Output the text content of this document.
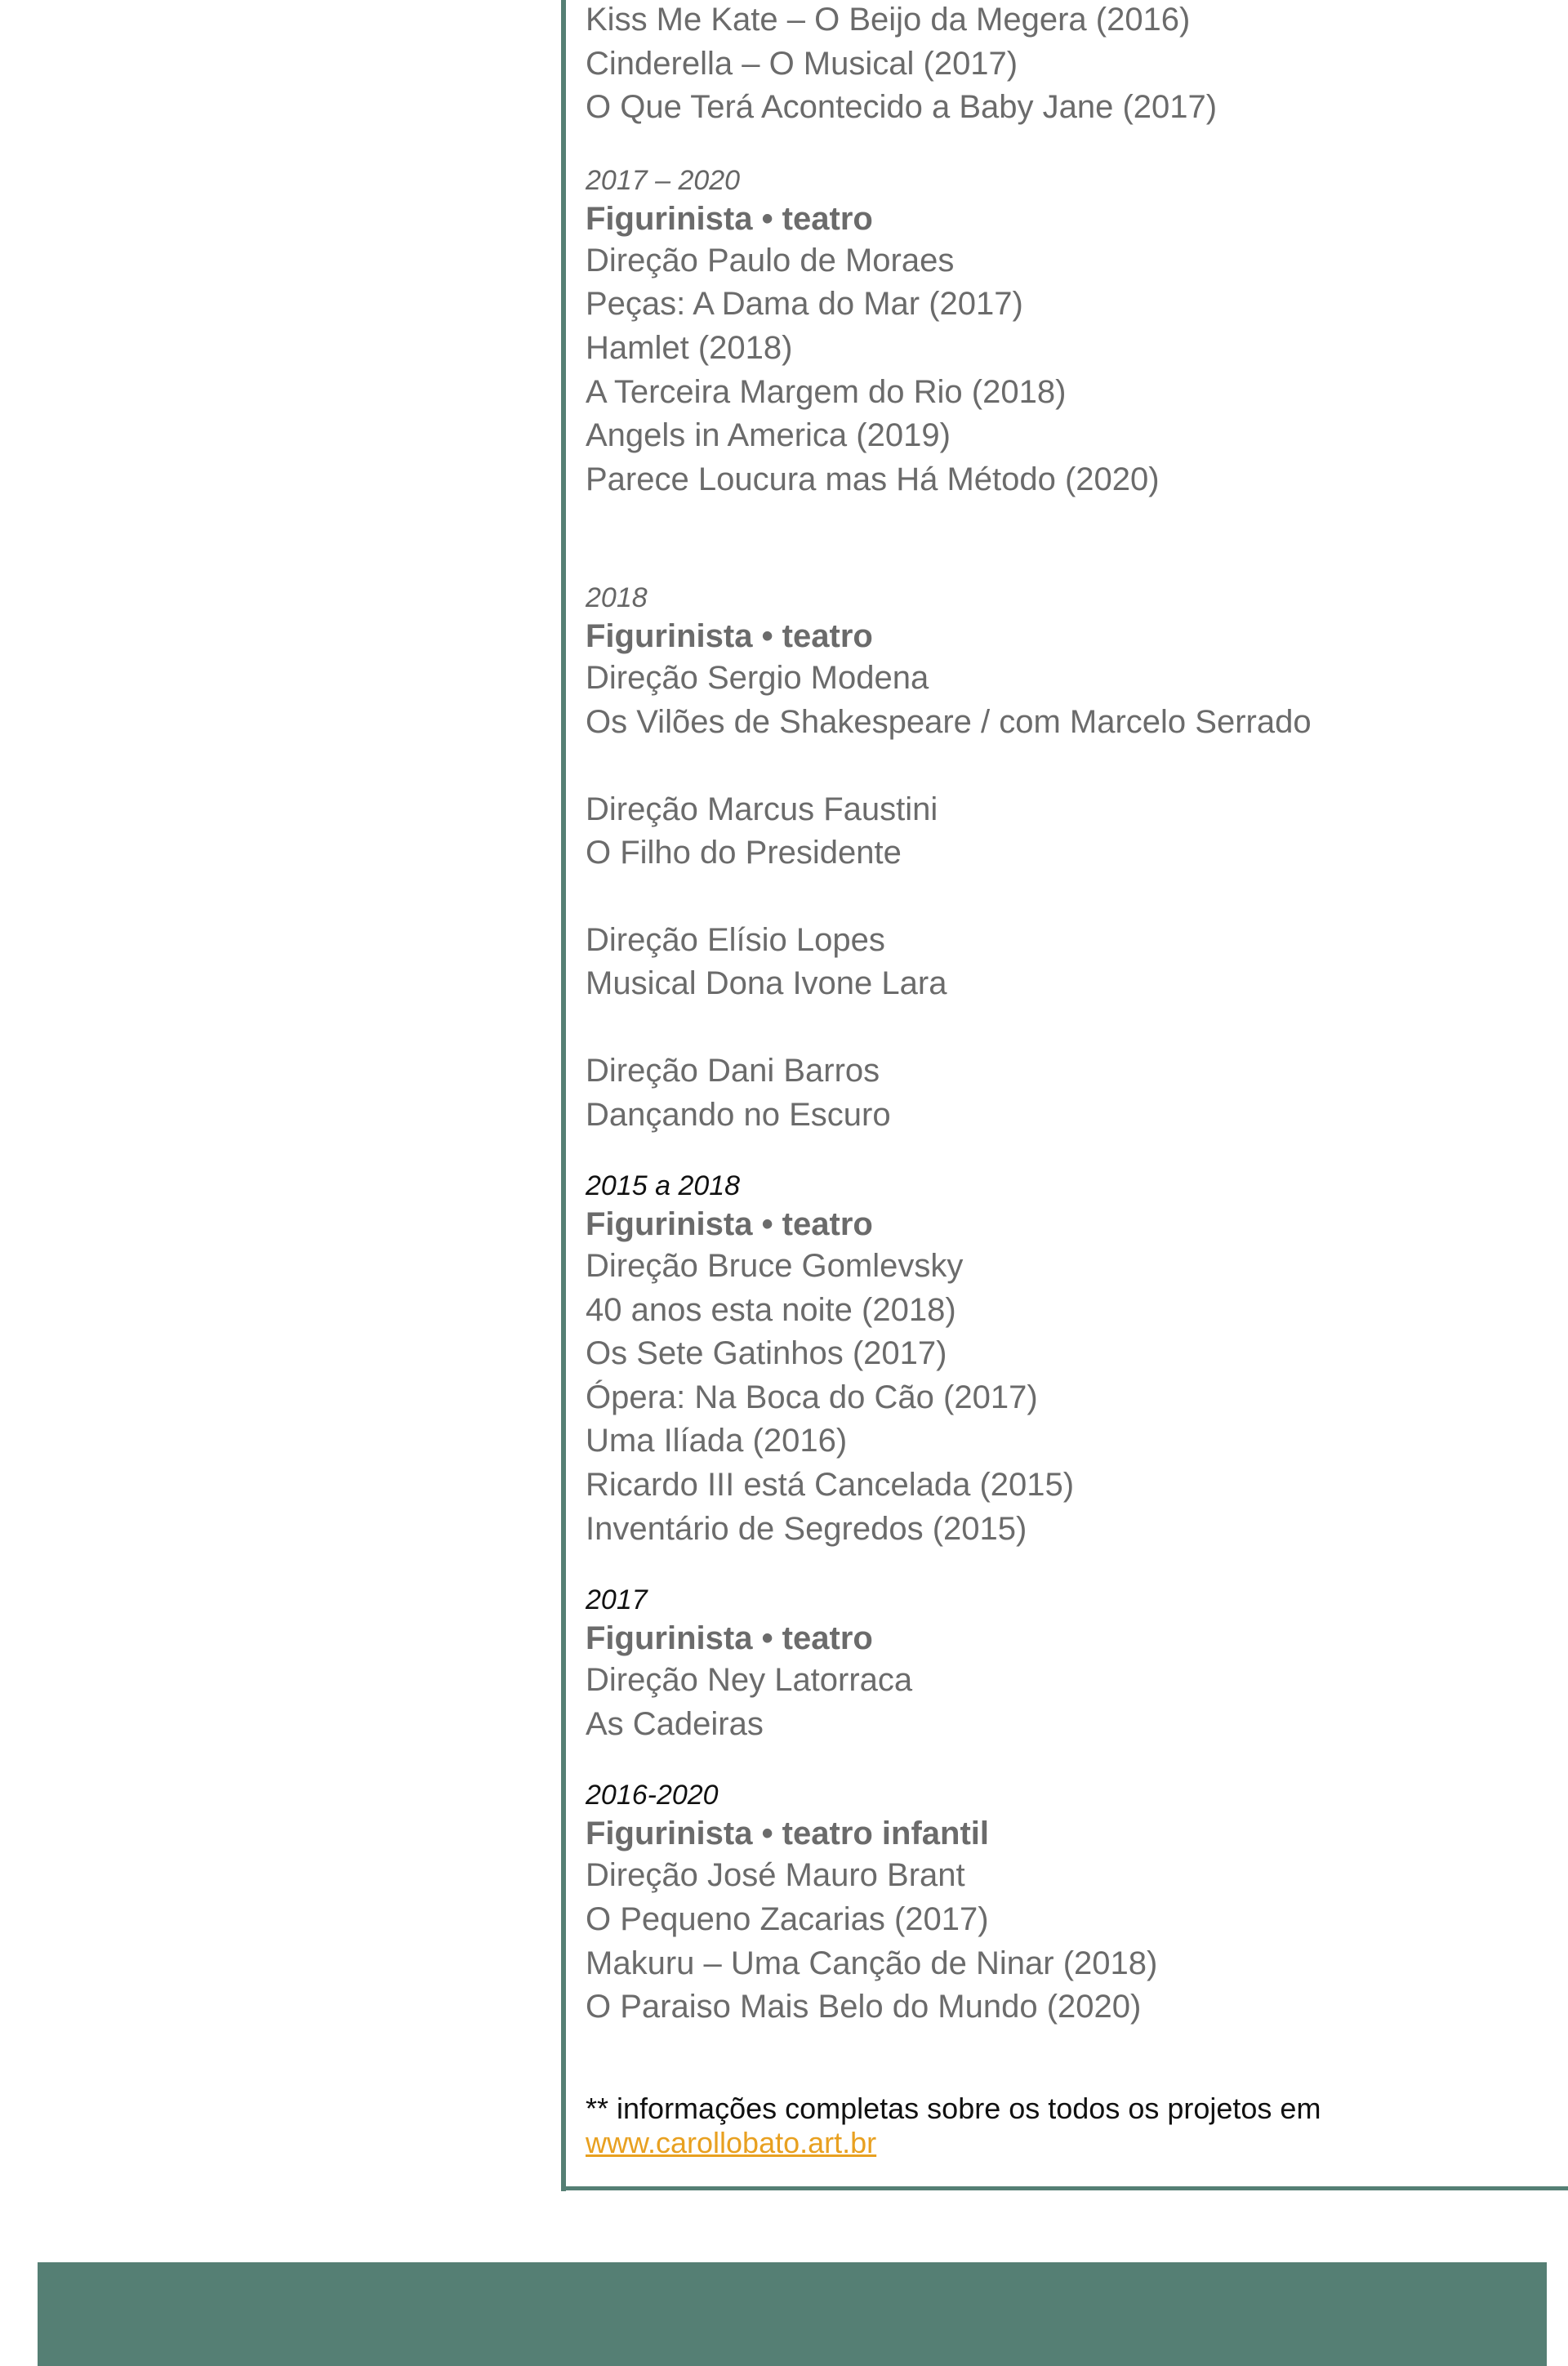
Kiss Me Kate – O Beijo da Megera (2016)

Cinderella – O Musical (2017)

O Que Terá Acontecido a Baby Jane (2017)

2017 – 2020

Figurinista • teatro

Direção Paulo de Moraes

Peças: A Dama do Mar (2017)

Hamlet (2018)

A Terceira Margem do Rio (2018)

Angels in America (2019)

Parece Loucura mas Há Método (2020)

2018

Figurinista • teatro

Direção Sergio Modena

Os Vilões de Shakespeare / com Marcelo Serrado

Direção Marcus Faustini

O Filho do Presidente

Direção Elísio Lopes

Musical Dona Ivone Lara

Direção Dani Barros

Dançando no Escuro

2015 a 2018

Figurinista • teatro

Direção Bruce Gomlevsky

40 anos esta noite (2018)

Os Sete Gatinhos (2017)

Ópera: Na Boca do Cão (2017)

Uma Ilíada (2016)

Ricardo III está Cancelada (2015)

Inventário de Segredos (2015)

2017

Figurinista • teatro

Direção Ney Latorraca

As Cadeiras

2016-2020

Figurinista • teatro infantil

Direção José Mauro Brant

O Pequeno Zacarias (2017)

Makuru – Uma Canção de Ninar (2018)

O Paraiso Mais Belo do Mundo (2020)

** informações completas sobre os todos os projetos em

www.carollobato.art.br
